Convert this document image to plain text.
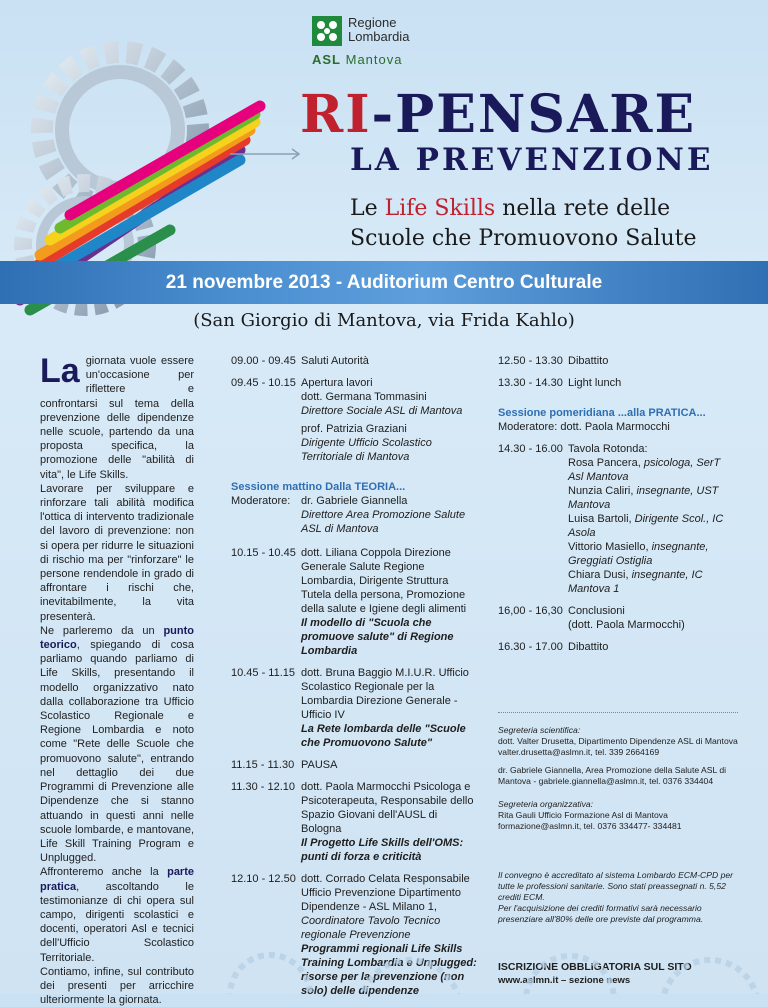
Regione
Lombardia
ASL Mantova
RI-PENSARE
LA PREVENZIONE
Le Life Skills nella rete delle
Scuole che Promuovono Salute
21 novembre 2013 - Auditorium Centro Culturale
(San Giorgio di Mantova, via Frida Kahlo)
La giornata vuole essere un'occasione per riflettere e confrontarsi sul tema della prevenzione delle dipendenze nelle scuole, partendo da una proposta specifica, la promozione delle "abilità di vita", le Life Skills.

Lavorare per sviluppare e rinforzare tali abilità modifica l'ottica di intervento tradizionale del lavoro di prevenzione: non si opera per ridurre le situazioni di rischio ma per "rinforzare" le persone rendendole in grado di affrontare i rischi che, inevitabilmente, la vita presenterà.

Ne parleremo da un punto teorico, spiegando di cosa parliamo quando parliamo di Life Skills, presentando il modello organizzativo nato dalla collaborazione tra Ufficio Scolastico Regionale e Regione Lombardia e noto come "Rete delle Scuole che promuovono salute", entrando nel dettaglio dei due Programmi di Prevenzione alle Dipendenze che si stanno attuando in questi anni nelle scuole lombarde, e mantovane, Life Skill Training Program e Unplugged.

Affronteremo anche la parte pratica, ascoltando le testimonianze di chi opera sul campo, dirigenti scolastici e docenti, operatori Asl e tecnici dell'Ufficio Scolastico Territoriale.

Contiamo, infine, sul contributo dei presenti per arricchire ulteriormente la giornata.

09.00 - 09.45 Saluti Autorità
09.45 - 10.15 Apertura lavori
dott. Germana Tommasini
Direttore Sociale ASL di Mantova
prof. Patrizia Graziani
Dirigente Ufficio Scolastico Territoriale di Mantova
Sessione mattino Dalla TEORIA...
Moderatore: dr. Gabriele Giannella
Direttore Area Promozione Salute ASL di Mantova
10.15 - 10.45 dott. Liliana Coppola Direzione Generale Salute Regione Lombardia, Dirigente Struttura Tutela della persona, Promozione della salute e Igiene degli alimenti
Il modello di "Scuola che promuove salute" di Regione Lombardia
10.45 - 11.15 dott. Bruna Baggio M.I.U.R. Ufficio Scolastico Regionale per la Lombardia Direzione Generale - Ufficio IV
La Rete lombarda delle "Scuole che Promuovono Salute"
11.15 - 11.30 PAUSA
11.30 - 12.10 dott. Paola Marmocchi Psicologa e Psicoterapeuta, Responsabile dello Spazio Giovani dell'AUSL di Bologna
Il Progetto Life Skills dell'OMS: punti di forza e criticità
12.10 - 12.50 dott. Corrado Celata Responsabile Ufficio Prevenzione Dipartimento Dipendenze - ASL Milano 1, Coordinatore Tavolo Tecnico regionale Prevenzione
Programmi regionali Life Skills Training Lombardia e Unplugged: risorse per la prevenzione (non solo) delle dipendenze
12.50 - 13.30 Dibattito
13.30 - 14.30 Light lunch
Sessione pomeridiana ...alla PRATICA...
Moderatore: dott. Paola Marmocchi
14.30 - 16.00 Tavola Rotonda:
Rosa Pancera, psicologa, SerT Asl Mantova
Nunzia Caliri, insegnante, UST Mantova
Luisa Bartoli, Dirigente Scol., IC Asola
Vittorio Masiello, insegnante, Greggiati Ostiglia
Chiara Dusi, insegnante, IC Mantova 1
16,00 - 16,30 Conclusioni
(dott. Paola Marmocchi)
16.30 - 17.00 Dibattito
Segreteria scientifica:

dott. Valter Drusetta, Dipartimento Dipendenze ASL di Mantova valter.drusetta@aslmn.it, tel. 339 2664169

dr. Gabriele Giannella, Area Promozione della Salute ASL di Mantova - gabriele.giannella@aslmn.it, tel. 0376 334404

Segreteria organizzativa:

Rita Gauli Ufficio Formazione Asl di Mantova formazione@aslmn.it, tel. 0376 334477- 334481

Il convegno è accreditato al sistema Lombardo ECM-CPD per tutte le professioni sanitarie. Sono stati preassegnati n. 5,52 crediti ECM.
Per l'acquisizione dei crediti formativi sarà necessario presenziare all'80% delle ore previste dal programma.
ISCRIZIONE OBBLIGATORIA SUL SITO
www.aslmn.it – sezione news
